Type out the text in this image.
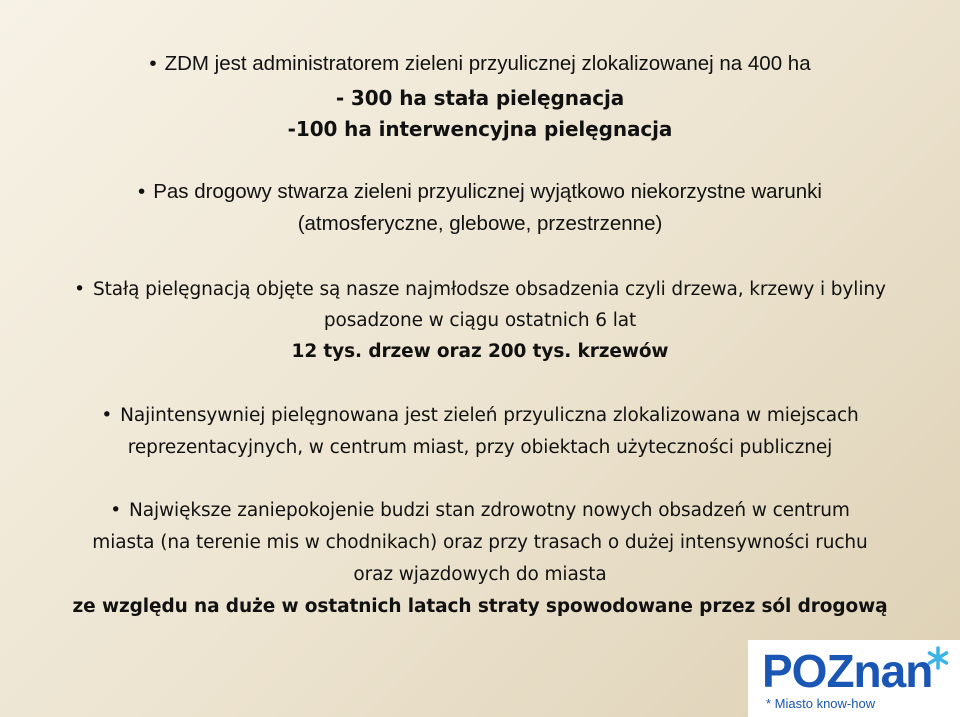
• ZDM jest administratorem zieleni przyulicznej zlokalizowanej na 400 ha
- 300 ha stała pielęgnacja
-100 ha interwencyjna pielęgnacja
• Pas drogowy stwarza zieleni przyulicznej wyjątkowo niekorzystne warunki
(atmosferyczne, glebowe, przestrzenne)
• Stałą pielęgnacją objęte są nasze najmłodsze obsadzenia czyli drzewa, krzewy i byliny
posadzone w ciągu ostatnich 6 lat
12 tys. drzew oraz 200 tys. krzewów
• Najintensywniej pielęgnowana jest zieleń przyuliczna zlokalizowana w miejscach
reprezentacyjnych, w centrum miast, przy obiektach użyteczności publicznej
• Największe zaniepokojenie budzi stan zdrowotny nowych obsadzeń w centrum
miasta (na terenie mis w chodnikach) oraz przy trasach o dużej intensywności ruchu
oraz wjazdowych do miasta
ze względu na duże w ostatnich latach straty spowodowane przez sól drogową
POZnan
* Miasto know-how
